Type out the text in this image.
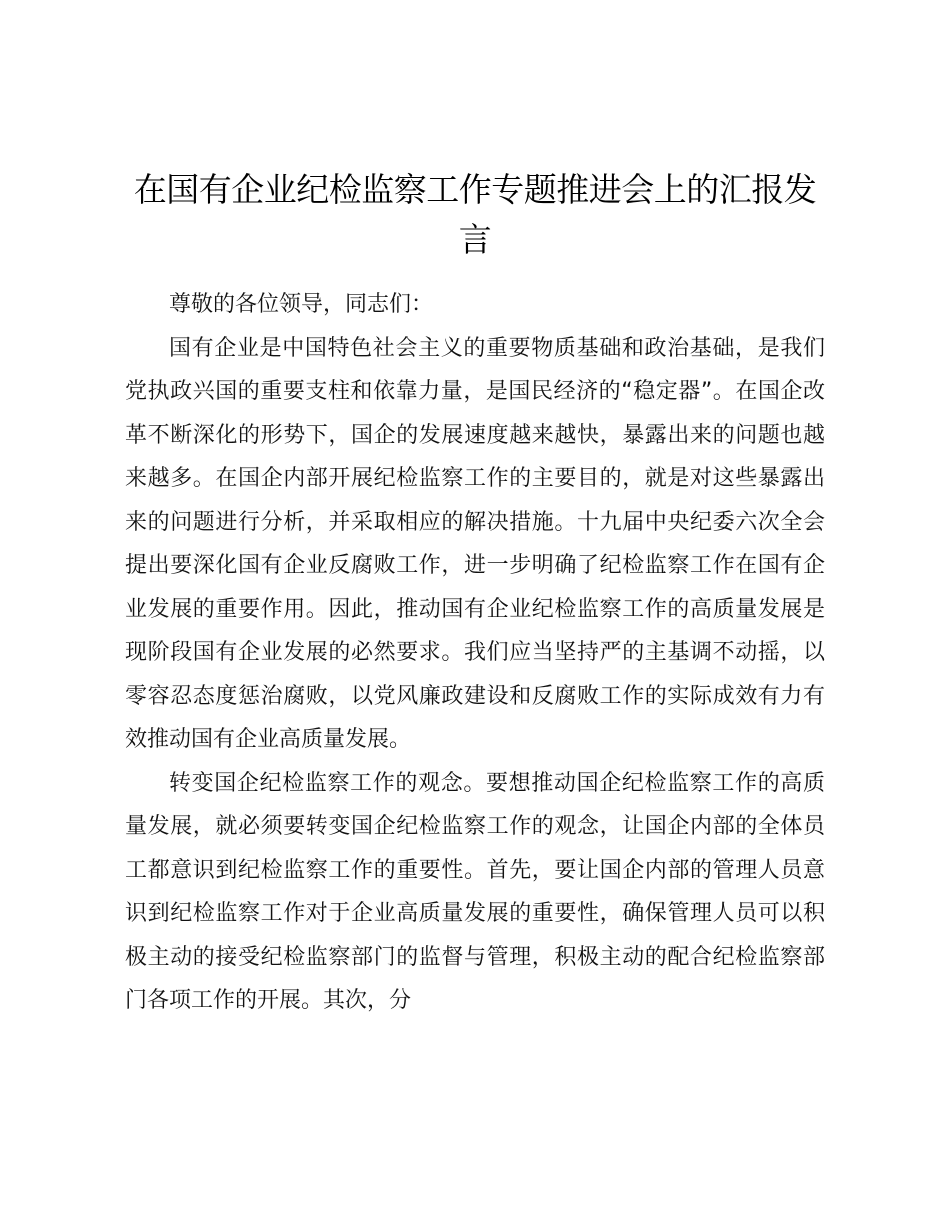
在国有企业纪检监察工作专题推进会上的汇报发言

尊敬的各位领导，同志们：

国有企业是中国特色社会主义的重要物质基础和政治基础，是我们党执政兴国的重要支柱和依靠力量，是国民经济的“稳定器”。在国企改革不断深化的形势下，国企的发展速度越来越快，暴露出来的问题也越来越多。在国企内部开展纪检监察工作的主要目的，就是对这些暴露出来的问题进行分析，并采取相应的解决措施。十九届中央纪委六次全会提出要深化国有企业反腐败工作，进一步明确了纪检监察工作在国有企业发展的重要作用。因此，推动国有企业纪检监察工作的高质量发展是现阶段国有企业发展的必然要求。我们应当坚持严的主基调不动摇，以零容忍态度惩治腐败，以党风廉政建设和反腐败工作的实际成效有力有效推动国有企业高质量发展。

转变国企纪检监察工作的观念。要想推动国企纪检监察工作的高质量发展，就必须要转变国企纪检监察工作的观念，让国企内部的全体员工都意识到纪检监察工作的重要性。首先，要让国企内部的管理人员意识到纪检监察工作对于企业高质量发展的重要性，确保管理人员可以积极主动的接受纪检监察部门的监督与管理，积极主动的配合纪检监察部门各项工作的开展。其次，分
